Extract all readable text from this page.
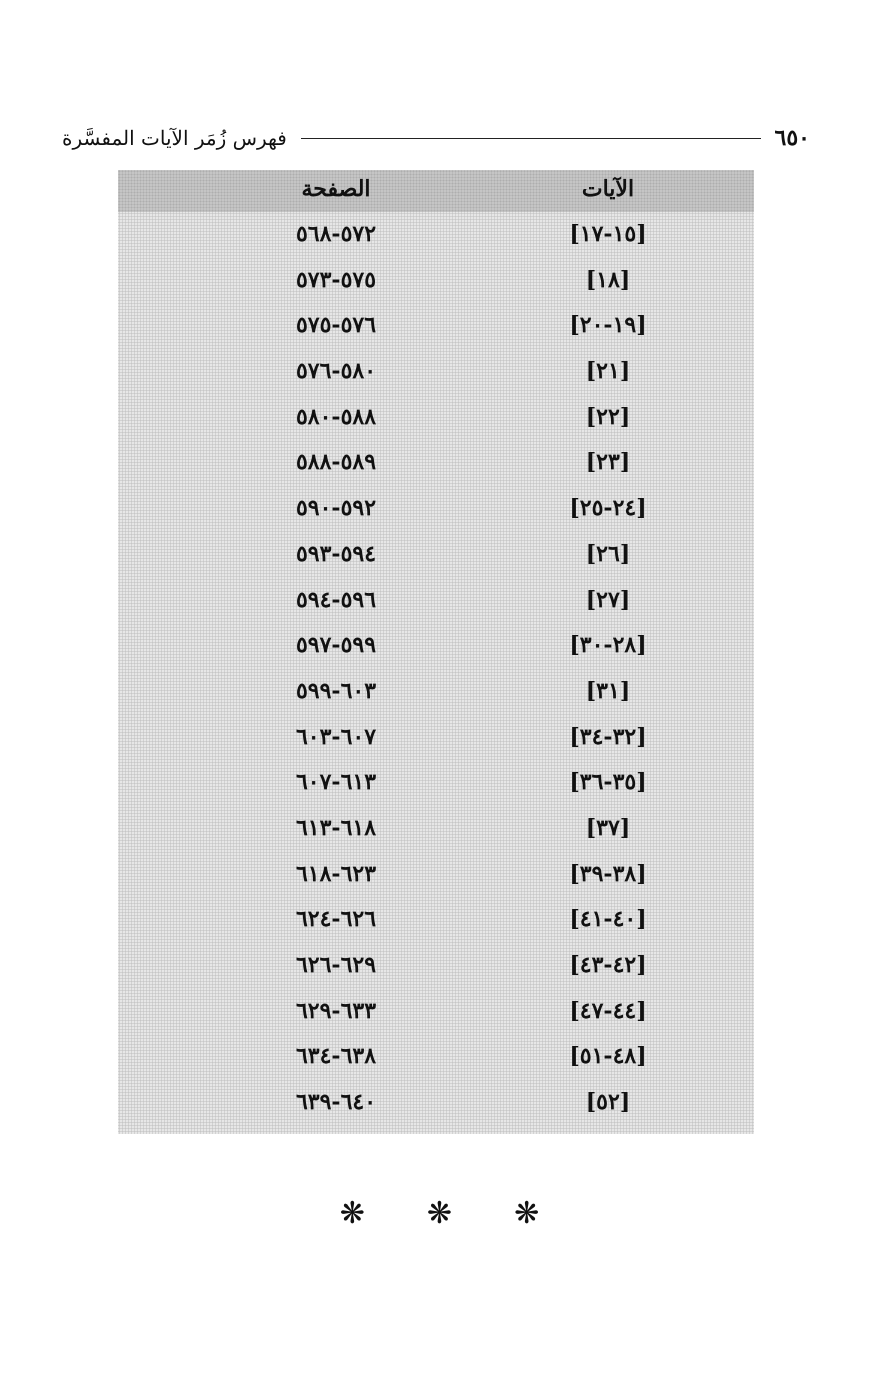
٦٥٠
فهرس زُمَر الآيات المفسَّرة
الآيات
الصفحة
[١٥-١٧]
٥٧٢-٥٦٨
[١٨]
٥٧٥-٥٧٣
[١٩-٢٠]
٥٧٦-٥٧٥
[٢١]
٥٨٠-٥٧٦
[٢٢]
٥٨٨-٥٨٠
[٢٣]
٥٨٩-٥٨٨
[٢٤-٢٥]
٥٩٢-٥٩٠
[٢٦]
٥٩٤-٥٩٣
[٢٧]
٥٩٦-٥٩٤
[٢٨-٣٠]
٥٩٩-٥٩٧
[٣١]
٦٠٣-٥٩٩
[٣٢-٣٤]
٦٠٧-٦٠٣
[٣٥-٣٦]
٦١٣-٦٠٧
[٣٧]
٦١٨-٦١٣
[٣٨-٣٩]
٦٢٣-٦١٨
[٤٠-٤١]
٦٢٦-٦٢٤
[٤٢-٤٣]
٦٢٩-٦٢٦
[٤٤-٤٧]
٦٣٣-٦٢٩
[٤٨-٥١]
٦٣٨-٦٣٤
[٥٢]
٦٤٠-٦٣٩
❋ ❋ ❋
